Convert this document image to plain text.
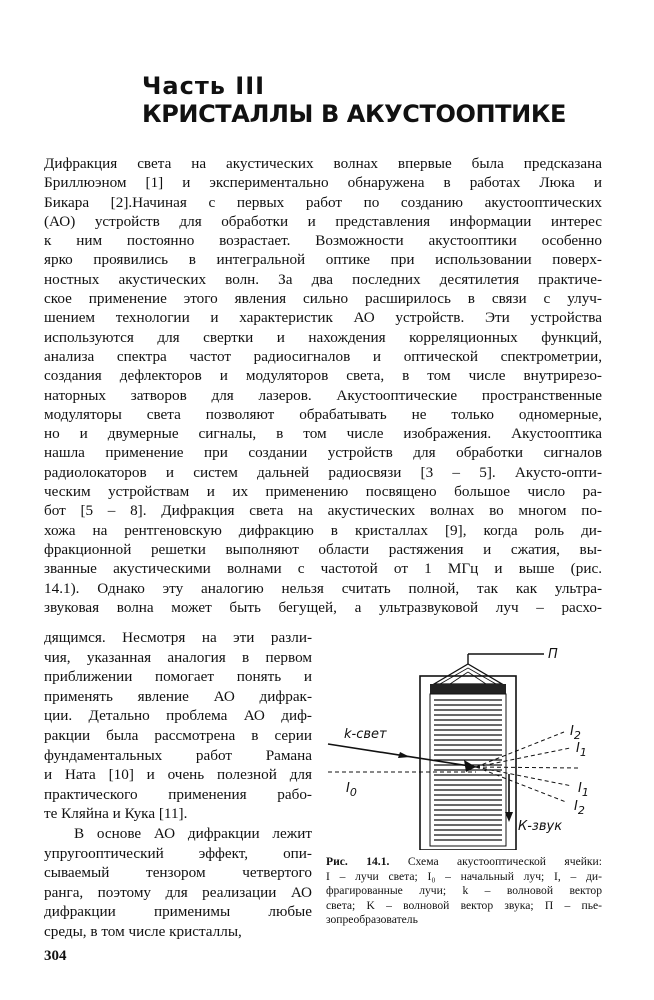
Часть III
КРИСТАЛЛЫ В АКУСТООПТИКЕ
Дифракция света на акустических волнах впервые была предсказана
Бриллюэном [1] и экспериментально обнаружена в работах Люка и
Бикара [2].Начиная с первых работ по созданию акустооптических
(АО) устройств для обработки и представления информации интерес
к ним постоянно возрастает. Возможности акустооптики особенно
ярко проявились в интегральной оптике при использовании поверх-
ностных акустических волн. За два последних десятилетия практиче-
ское применение этого явления сильно расширилось в связи с улуч-
шением технологии и характеристик АО устройств. Эти устройства
используются для свертки и нахождения корреляционных функций,
анализа спектра частот радиосигналов и оптической спектрометрии,
создания дефлекторов и модуляторов света, в том числе внутрирезо-
наторных затворов для лазеров. Акустооптические пространственные
модуляторы света позволяют обрабатывать не только одномерные,
но и двумерные сигналы, в том числе изображения. Акустооптика
нашла применение при создании устройств для обработки сигналов
радиолокаторов и систем дальней радиосвязи [3 – 5]. Акусто-опти-
ческим устройствам и их применению посвящено большое число ра-
бот [5 – 8]. Дифракция света на акустических волнах во многом по-
хожа на рентгеновскую дифракцию в кристаллах [9], когда роль ди-
фракционной решетки выполняют области растяжения и сжатия, вы-
званные акустическими волнами с частотой от 1 МГц и выше (рис.
14.1). Однако эту аналогию нельзя считать полной, так как ультра-
звуковая волна может быть бегущей, а ультразвуковой луч – расхо-
дящимся. Несмотря на эти разли-
чия, указанная аналогия в первом
приближении помогает понять и
применять явление АО дифрак-
ции. Детально проблема АО диф-
ракции была рассмотрена в серии
фундаментальных работ Рамана
и Ната [10] и очень полезной для
практического применения рабо-
те Кляйна и Кука [11].
В основе АО дифракции лежит
упругооптический эффект, опи-
сываемый тензором четвертого
ранга, поэтому для реализации АО
дифракции применимы любые
среды, в том числе кристаллы,
П
k-свет
$I_0$
$I_2$
$I_1$
$I_1$
$I_2$
К-звук
Рис. 14.1. Схема акустооптической ячейки:
I – лучи света; I₀ – начальный луч; I, – ди-
фрагированные лучи; k – волновой вектор
света; K – волновой вектор звука; П – пье-
зопреобразователь
304
